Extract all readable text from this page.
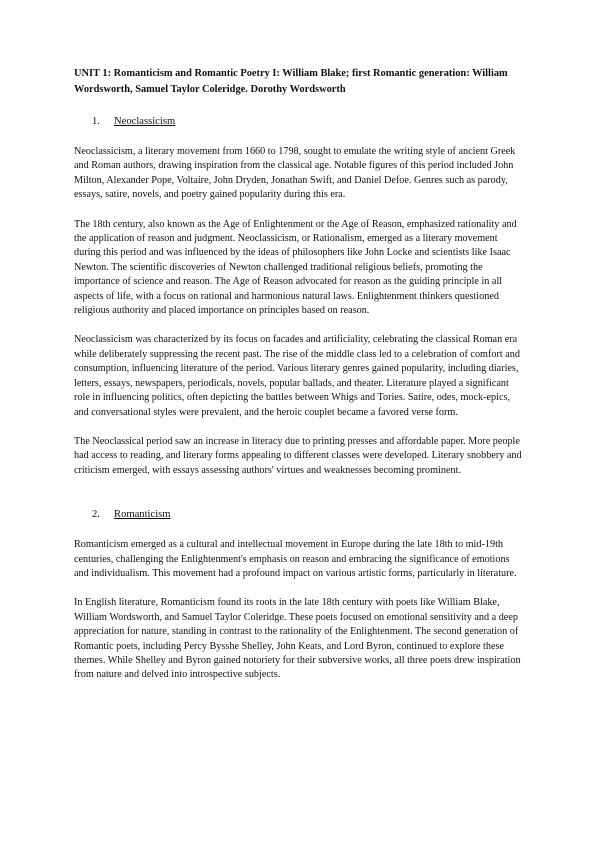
UNIT 1: Romanticism and Romantic Poetry I: William Blake; first Romantic generation: William Wordsworth, Samuel Taylor Coleridge. Dorothy Wordsworth
1.	Neoclassicism

Neoclassicism, a literary movement from 1660 to 1798, sought to emulate the writing style of ancient Greek and Roman authors, drawing inspiration from the classical age. Notable figures of this period included John Milton, Alexander Pope, Voltaire, John Dryden, Jonathan Swift, and Daniel Defoe. Genres such as parody, essays, satire, novels, and poetry gained popularity during this era.

The 18th century, also known as the Age of Enlightenment or the Age of Reason, emphasized rationality and the application of reason and judgment. Neoclassicism, or Rationalism, emerged as a literary movement during this period and was influenced by the ideas of philosophers like John Locke and scientists like Isaac Newton. The scientific discoveries of Newton challenged traditional religious beliefs, promoting the importance of science and reason. The Age of Reason advocated for reason as the guiding principle in all aspects of life, with a focus on rational and harmonious natural laws. Enlightenment thinkers questioned religious authority and placed importance on principles based on reason.

Neoclassicism was characterized by its focus on facades and artificiality, celebrating the classical Roman era while deliberately suppressing the recent past. The rise of the middle class led to a celebration of comfort and consumption, influencing literature of the period. Various literary genres gained popularity, including diaries, letters, essays, newspapers, periodicals, novels, popular ballads, and theater. Literature played a significant role in influencing politics, often depicting the battles between Whigs and Tories. Satire, odes, mock-epics, and conversational styles were prevalent, and the heroic couplet became a favored verse form.

The Neoclassical period saw an increase in literacy due to printing presses and affordable paper. More people had access to reading, and literary forms appealing to different classes were developed. Literary snobbery and criticism emerged, with essays assessing authors' virtues and weaknesses becoming prominent.

2.	Romanticism

Romanticism emerged as a cultural and intellectual movement in Europe during the late 18th to mid-19th centuries, challenging the Enlightenment's emphasis on reason and embracing the significance of emotions and individualism. This movement had a profound impact on various artistic forms, particularly in literature.

In English literature, Romanticism found its roots in the late 18th century with poets like William Blake, William Wordsworth, and Samuel Taylor Coleridge. These poets focused on emotional sensitivity and a deep appreciation for nature, standing in contrast to the rationality of the Enlightenment. The second generation of Romantic poets, including Percy Bysshe Shelley, John Keats, and Lord Byron, continued to explore these themes. While Shelley and Byron gained notoriety for their subversive works, all three poets drew inspiration from nature and delved into introspective subjects.
